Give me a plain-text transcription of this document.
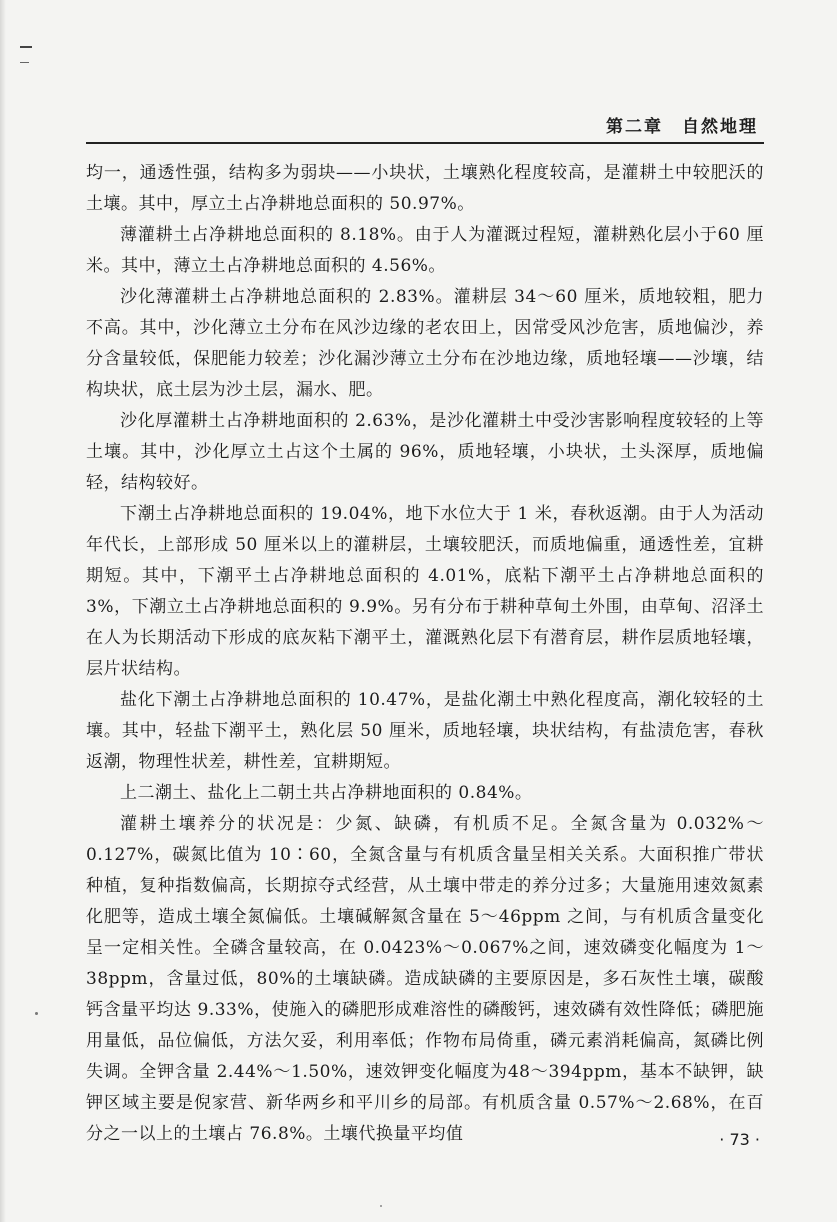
第二章　自然地理

均一，通透性强，结构多为弱块——小块状，土壤熟化程度较高，是灌耕土中较肥沃的土壤。其中，厚立土占净耕地总面积的 50.97%。

薄灌耕土占净耕地总面积的 8.18%。由于人为灌溉过程短，灌耕熟化层小于60 厘米。其中，薄立土占净耕地总面积的 4.56%。

沙化薄灌耕土占净耕地总面积的 2.83%。灌耕层 34～60 厘米，质地较粗，肥力不高。其中，沙化薄立土分布在风沙边缘的老农田上，因常受风沙危害，质地偏沙，养分含量较低，保肥能力较差；沙化漏沙薄立土分布在沙地边缘，质地轻壤——沙壤，结构块状，底土层为沙土层，漏水、肥。

沙化厚灌耕土占净耕地面积的 2.63%，是沙化灌耕土中受沙害影响程度较轻的上等土壤。其中，沙化厚立土占这个土属的 96%，质地轻壤，小块状，土头深厚，质地偏轻，结构较好。

下潮土占净耕地总面积的 19.04%，地下水位大于 1 米，春秋返潮。由于人为活动年代长，上部形成 50 厘米以上的灌耕层，土壤较肥沃，而质地偏重，通透性差，宜耕期短。其中，下潮平土占净耕地总面积的 4.01%，底粘下潮平土占净耕地总面积的 3%，下潮立土占净耕地总面积的 9.9%。另有分布于耕种草甸土外围，由草甸、沼泽土在人为长期活动下形成的底灰粘下潮平土，灌溉熟化层下有潜育层，耕作层质地轻壤，层片状结构。

盐化下潮土占净耕地总面积的 10.47%，是盐化潮土中熟化程度高，潮化较轻的土壤。其中，轻盐下潮平土，熟化层 50 厘米，质地轻壤，块状结构，有盐渍危害，春秋返潮，物理性状差，耕性差，宜耕期短。

上二潮土、盐化上二朝土共占净耕地面积的 0.84%。

灌耕土壤养分的状况是：少氮、缺磷，有机质不足。全氮含量为 0.032%～0.127%，碳氮比值为 10∶60，全氮含量与有机质含量呈相关关系。大面积推广带状种植，复种指数偏高，长期掠夺式经营，从土壤中带走的养分过多；大量施用速效氮素化肥等，造成土壤全氮偏低。土壤碱解氮含量在 5～46ppm 之间，与有机质含量变化呈一定相关性。全磷含量较高，在 0.0423%～0.067%之间，速效磷变化幅度为 1～38ppm，含量过低，80%的土壤缺磷。造成缺磷的主要原因是，多石灰性土壤，碳酸钙含量平均达 9.33%，使施入的磷肥形成难溶性的磷酸钙，速效磷有效性降低；磷肥施用量低，品位偏低，方法欠妥，利用率低；作物布局倚重，磷元素消耗偏高，氮磷比例失调。全钾含量 2.44%～1.50%，速效钾变化幅度为48～394ppm，基本不缺钾，缺钾区域主要是倪家营、新华两乡和平川乡的局部。有机质含量 0.57%～2.68%，在百分之一以上的土壤占 76.8%。土壤代换量平均值	· 73 ·
